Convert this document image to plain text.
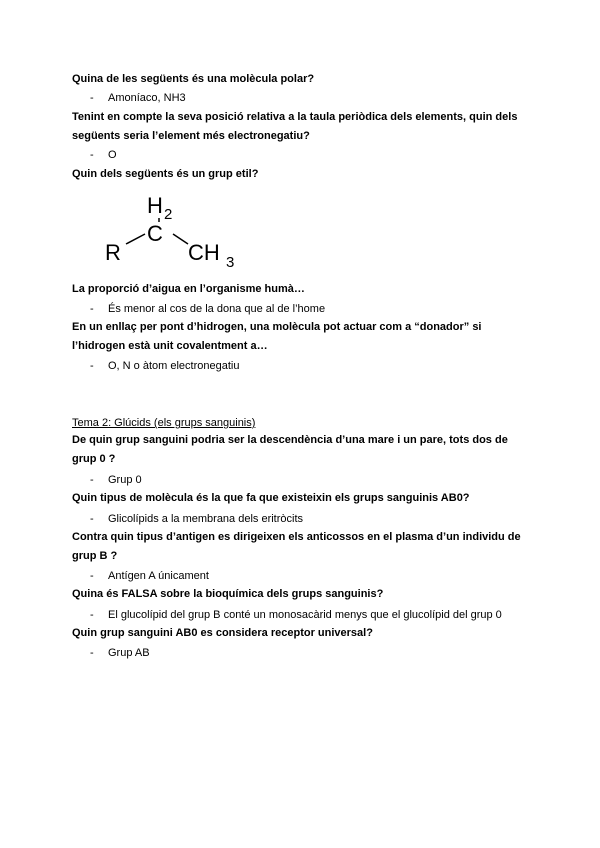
Quina de les següents és una molècula polar?
- Amoníaco, NH3
Tenint en compte la seva posició relativa a la taula periòdica dels elements, quin dels
següents seria l’element més electronegatiu?
- O
Quin dels següents és un grup etil?
H 2
C
R	CH 3
La proporció d’aigua en l’organisme humà…
- És menor al cos de la dona que al de l’home
En un enllaç per pont d’hidrogen, una molècula pot actuar com a “donador” si
l’hidrogen està unit covalentment a…
- O, N o àtom electronegatiu
Tema 2: Glúcids (els grups sanguinis)
De quin grup sanguini podria ser la descendència d’una mare i un pare, tots dos de
grup 0 ?
- Grup 0
Quin tipus de molècula és la que fa que existeixin els grups sanguinis AB0?
- Glicolípids a la membrana dels eritròcits
Contra quin tipus d’antigen es dirigeixen els anticossos en el plasma d’un individu de
grup B ?
- Antígen A únicament
Quina és FALSA sobre la bioquímica dels grups sanguinis?
- El glucolípid del grup B conté un monosacàrid menys que el glucolípid del grup 0
Quin grup sanguini AB0 es considera receptor universal?
- Grup AB
